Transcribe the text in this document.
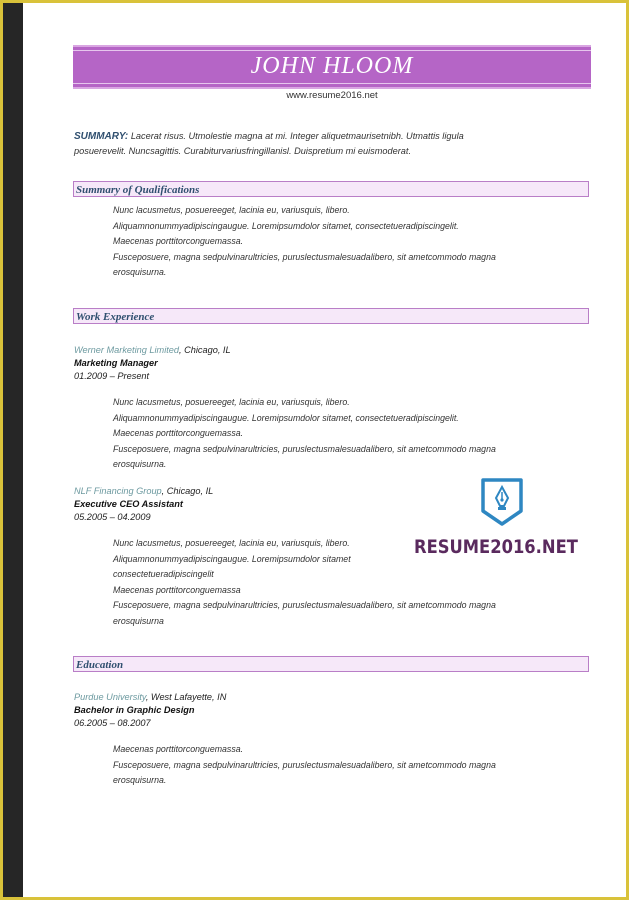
JOHN HLOOM
www.resume2016.net
SUMMARY: Lacerat risus. Utmolestie magna at mi. Integer aliquetmaurisetnibh. Utmattis ligula
posuerevelit. Nuncsagittis. Curabiturvariusfringillanisl. Duispretium mi euismoderat.
Summary of Qualifications
Nunc lacusmetus, posuereeget, lacinia eu, variusquis, libero.
Aliquamnonummyadipiscingaugue. Loremipsumdolor sitamet, consectetueradipiscingelit.
Maecenas porttitorconguemassa.
Fusceposuere, magna sedpulvinarultricies, puruslectusmalesuadalibero, sit ametcommodo magna
erosquisurna.
Work Experience
Werner Marketing Limited, Chicago, IL
Marketing Manager
01.2009 – Present
Nunc lacusmetus, posuereeget, lacinia eu, variusquis, libero.
Aliquamnonummyadipiscingaugue. Loremipsumdolor sitamet, consectetueradipiscingelit.
Maecenas porttitorconguemassa.
Fusceposuere, magna sedpulvinarultricies, puruslectusmalesuadalibero, sit ametcommodo magna
erosquisurna.
NLF Financing Group, Chicago, IL
Executive CEO Assistant
05.2005 – 04.2009
Nunc lacusmetus, posuereeget, lacinia eu, variusquis, libero.
Aliquamnonummyadipiscingaugue. Loremipsumdolor sitamet
consectetueradipiscingelit
Maecenas porttitorconguemassa
Fusceposuere, magna sedpulvinarultricies, puruslectusmalesuadalibero, sit ametcommodo magna
erosquisurna
RESUME2016.NET
Education
Purdue University, West Lafayette, IN
Bachelor in Graphic Design
06.2005 – 08.2007
Maecenas porttitorconguemassa.
Fusceposuere, magna sedpulvinarultricies, puruslectusmalesuadalibero, sit ametcommodo magna
erosquisurna.
